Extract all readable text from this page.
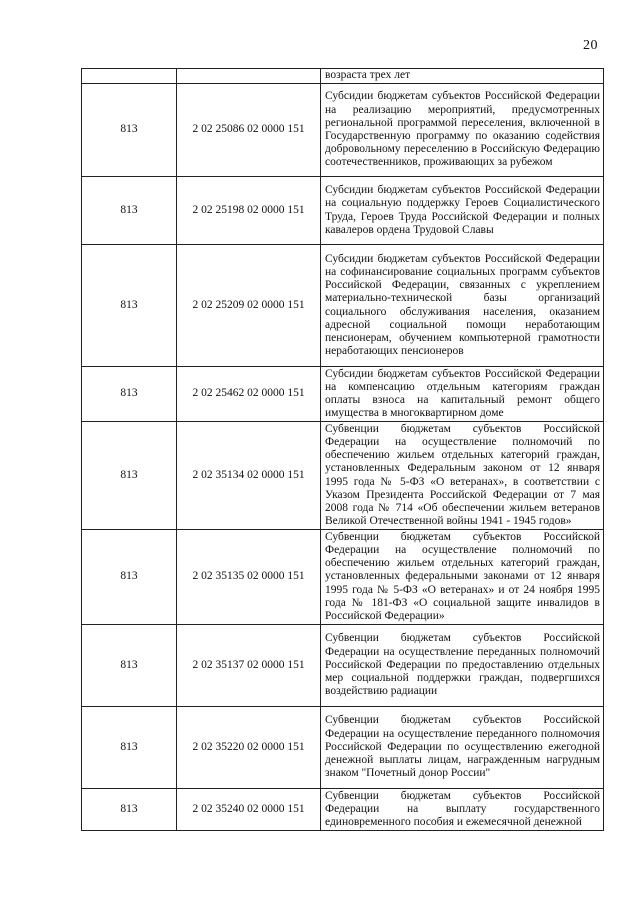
20

		возраста трех лет

813	2 02 25086 02 0000 151	Субсидии бюджетам субъектов Российской Федерации на реализацию мероприятий, предусмотренных региональной программой переселения, включенной в Государственную программу по оказанию содействия добровольному переселению в Российскую Федерацию соотечественников, проживающих за рубежом

813	2 02 25198 02 0000 151	Субсидии бюджетам субъектов Российской Федерации на социальную поддержку Героев Социалистического Труда, Героев Труда Российской Федерации и полных кавалеров ордена Трудовой Славы

813	2 02 25209 02 0000 151	Субсидии бюджетам субъектов Российской Федерации на софинансирование социальных программ субъектов Российской Федерации, связанных с укреплением материально-технической базы организаций социального обслуживания населения, оказанием адресной социальной помощи неработающим пенсионерам, обучением компьютерной грамотности неработающих пенсионеров

813	2 02 25462 02 0000 151	Субсидии бюджетам субъектов Российской Федерации на компенсацию отдельным категориям граждан оплаты взноса на капитальный ремонт общего имущества в многоквартирном доме

813	2 02 35134 02 0000 151	Субвенции бюджетам субъектов Российской Федерации на осуществление полномочий по обеспечению жильем отдельных категорий граждан, установленных Федеральным законом от 12 января 1995 года № 5-ФЗ «О ветеранах», в соответствии с Указом Президента Российской Федерации от 7 мая 2008 года № 714 «Об обеспечении жильем ветеранов Великой Отечественной войны 1941 - 1945 годов»

813	2 02 35135 02 0000 151	Субвенции бюджетам субъектов Российской Федерации на осуществление полномочий по обеспечению жильем отдельных категорий граждан, установленных федеральными законами от 12 января 1995 года № 5-ФЗ «О ветеранах» и от 24 ноября 1995 года № 181-ФЗ «О социальной защите инвалидов в Российской Федерации»

813	2 02 35137 02 0000 151	Субвенции бюджетам субъектов Российской Федерации на осуществление переданных полномочий Российской Федерации по предоставлению отдельных мер социальной поддержки граждан, подвергшихся воздействию радиации

813	2 02 35220 02 0000 151	Субвенции бюджетам субъектов Российской Федерации на осуществление переданного полномочия Российской Федерации по осуществлению ежегодной денежной выплаты лицам, награжденным нагрудным знаком "Почетный донор России"

813	2 02 35240 02 0000 151	Субвенции бюджетам субъектов Российской Федерации на выплату государственного единовременного пособия и ежемесячной денежной
